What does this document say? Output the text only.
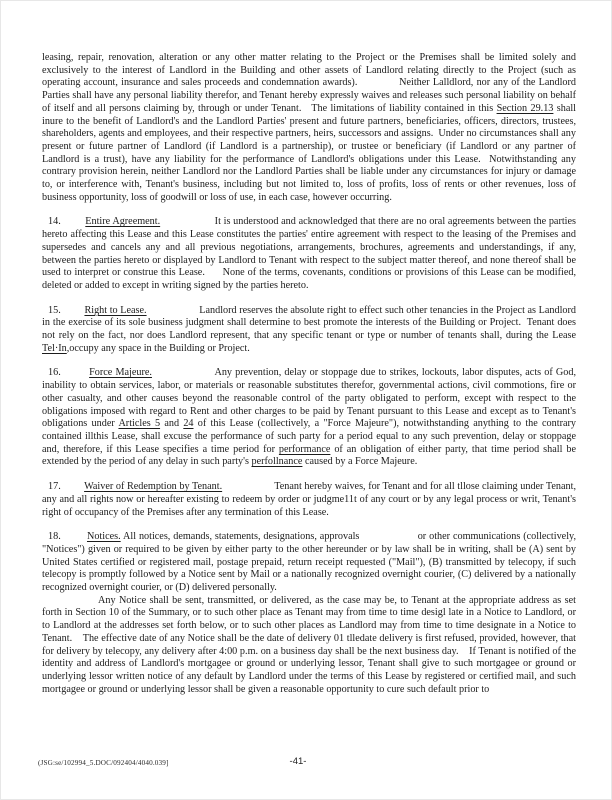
leasing, repair, renovation, alteration or any other matter relating to the Project or the Premises shall be limited solely and exclusively to the interest of Landlord in the Building and other assets of Landlord relating directly to the Project (such as operating account, insurance and sales proceeds and condemnation awards).             Neither Lalldlord, nor any of the Landlord Parties shall have any personal liability therefor, and Tenant hereby expressly waives and releases such personal liability on behalf of itself and all persons claiming by, through or under Tenant.   The limitations of liability contained in this Section 29.13 shall inure to the benefit of Landlord's and the Landlord Parties' present and future partners, beneficiaries, officers, directors, trustees, shareholders, agents and employees, and their respective partners, heirs, successors and assigns.  Under no circumstances shall any present or future partner of Landlord (if Landlord is a partnership), or trustee or beneficiary (if Landlord or any partner of Landlord is a trust), have any liability for the performance of Landlord's obligations under this Lease.  Notwithstanding any contrary provision herein, neither Landlord nor the Landlord Parties shall be liable under any circumstances for injury or damage to, or interference with, Tenant's business, including but not limited to, loss of profits, loss of rents or other revenues, loss of business opportunity, loss of goodwill or loss of use, in each case, however occurring.

14.         Entire Agreement.                    It is understood and acknowledged that there are no oral agreements between the parties hereto affecting this Lease and this Lease constitutes the parties' entire agreement with respect to the leasing of the Premises and supersedes and cancels any and all previous negotiations, arrangements, brochures, agreements and understandings, if any, between the parties hereto or displayed by Landlord to Tenant with respect to the subject matter thereof, and none thereof shall be used to interpret or construe this Lease.      None of the terms, covenants, conditions or provisions of this Lease can be modified, deleted or added to except in writing signed by the parties hereto.

15.         Right to Lease.                    Landlord reserves the absolute right to effect such other tenancies in the Project as Landlord in the exercise of its sole business judgment shall determine to best promote the interests of the Building or Project.  Tenant does not rely on the fact, nor does Landlord represent, that any specific tenant or type or number of tenants shall, during the Lease Tel·In,occupy any space in the Building or Project.

16.         Force Majeure.                    Any prevention, delay or stoppage due to strikes, lockouts, labor disputes, acts of God, inability to obtain services, labor, or materials or reasonable substitutes therefor, governmental actions, civil commotions, fire or other casualty, and other causes beyond the reasonable control of the party obligated to perform, except with respect to the obligations imposed with regard to Rent and other charges to be paid by Tenant pursuant to this Lease and except as to Tenant's obligations under Articles 5 and 24 of this Lease (collectively, a "Force Majeure"), notwithstanding anything to the contrary contained illthis Lease, shall excuse the performance of such party for a period equal to any such prevention, delay or stoppage and, therefore, if this Lease specifies a time period for performance of an obligation of either party, that time period shall be extended by the period of any delay in such party's perfollnance caused by a Force Majeure.

17.         Waiver of Redemption by Tenant.                    Tenant hereby waives, for Tenant and for all tllose claiming under Tenant, any and all rights now or hereafter existing to redeem by order or judgme11t of any court or by any legal process or writ, Tenant's right of occupancy of the Premises after any termination of this Lease.

18.         Notices. All notices, demands, statements, designations, approvals                    or other communications (collectively, "Notices") given or required to be given by either party to the other hereunder or by law shall be in writing, shall be (A) sent by United States certified or registered mail, postage prepaid, return receipt requested ("Mail"), (B) transmitted by telecopy, if such telecopy is promptly followed by a Notice sent by Mail or a nationally recognized overnight courier, (C) delivered by a nationally recognized overnight courier, or (D) delivered personally.

Any Notice shall be sent, transmitted, or delivered, as the case may be, to Tenant at the appropriate address as set forth in Section 10 of the Summary, or to such other place as Tenant may from time to time desigl late in a Notice to Landlord, or to Landlord at the addresses set forth below, or to such other places as Landlord may from time to time designate in a Notice to Tenant.    The effective date of any Notice shall be the date of delivery 01 tlledate delivery is first refused, provided, however, that for delivery by telecopy, any delivery after 4:00 p.m. on a business day shall be the next business day.    If Tenant is notified of the identity and address of Landlord's mortgagee or ground or underlying lessor, Tenant shall give to such mortgagee or ground or underlying lessor written notice of any default by Landlord under the terms of this Lease by registered or certified mail, and such mortgagee or ground or underlying lessor shall be given a reasonable opportunity to cure such default prior to

(JSG:se/102994_5.DOC/092404/4040.039]	-41-
